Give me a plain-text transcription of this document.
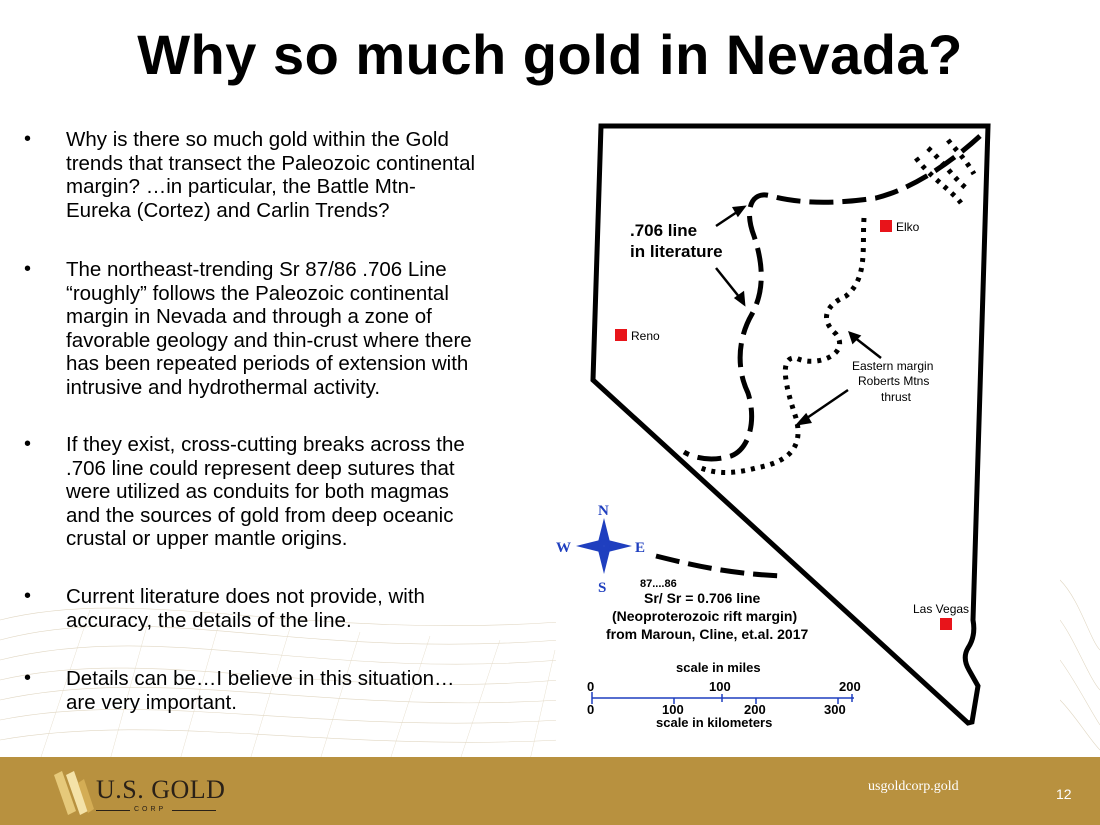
Why so much gold in Nevada?
• Why is there so much gold within the Gold
trends that transect the Paleozoic continental
margin? …in particular, the Battle Mtn-
Eureka (Cortez) and Carlin Trends?
• The northeast-trending Sr 87/86 .706 Line
“roughly” follows the Paleozoic continental
margin in Nevada and through a zone of
favorable geology and thin-crust where there
has been repeated periods of extension with
intrusive and hydrothermal activity.
• If they exist, cross-cutting breaks across the
.706 line could represent deep sutures that
were utilized as conduits for both magmas
and the sources of gold from deep oceanic
crustal or upper mantle origins.
• Current literature does not provide, with
accuracy, the details of the line.
• Details can be…I believe in this situation…
are very important.
Elko
Reno
Las Vegas
.706 line
in literature
Eastern margin
Roberts Mtns
thrust
N
S
W	E
87....86
Sr/ Sr = 0.706 line
(Neoproterozoic rift margin)
from Maroun, Cline, et.al. 2017
scale in miles
0	100	200
0	100	200	300
scale in kilometers
U.S. GOLD
CORP
usgoldcorp.gold	12
